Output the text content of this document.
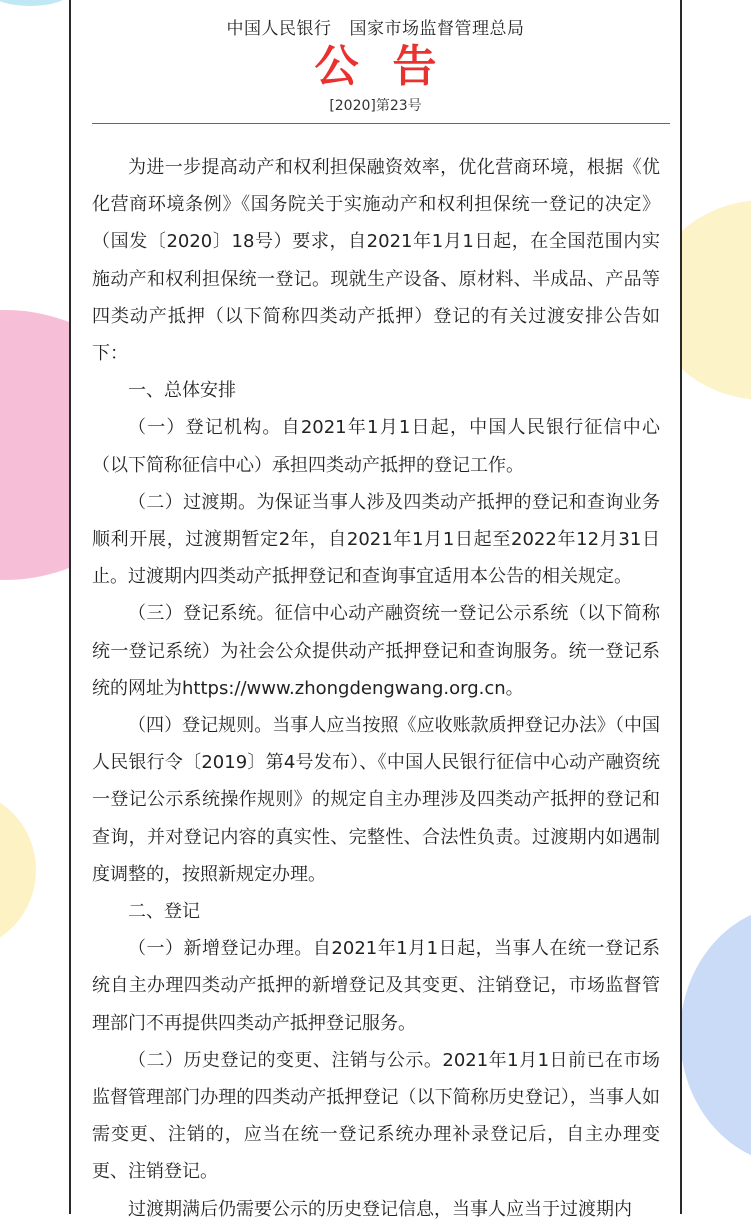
中国人民银行 国家市场监督管理总局
公告
[2020]第23号

为进一步提高动产和权利担保融资效率，优化营商环境，根据《优化营商环境条例》《国务院关于实施动产和权利担保统一登记的决定》（国发〔2020〕18号）要求，自2021年1月1日起，在全国范围内实施动产和权利担保统一登记。现就生产设备、原材料、半成品、产品等四类动产抵押（以下简称四类动产抵押）登记的有关过渡安排公告如下：

一、总体安排

（一）登记机构。自2021年1月1日起，中国人民银行征信中心（以下简称征信中心）承担四类动产抵押的登记工作。

（二）过渡期。为保证当事人涉及四类动产抵押的登记和查询业务顺利开展，过渡期暂定2年，自2021年1月1日起至2022年12月31日止。过渡期内四类动产抵押登记和查询事宜适用本公告的相关规定。

（三）登记系统。征信中心动产融资统一登记公示系统（以下简称统一登记系统）为社会公众提供动产抵押登记和查询服务。统一登记系统的网址为https://www.zhongdengwang.org.cn。

（四）登记规则。当事人应当按照《应收账款质押登记办法》（中国人民银行令〔2019〕第4号发布）、《中国人民银行征信中心动产融资统一登记公示系统操作规则》的规定自主办理涉及四类动产抵押的登记和查询，并对登记内容的真实性、完整性、合法性负责。过渡期内如遇制度调整的，按照新规定办理。

二、登记

（一）新增登记办理。自2021年1月1日起，当事人在统一登记系统自主办理四类动产抵押的新增登记及其变更、注销登记，市场监督管理部门不再提供四类动产抵押登记服务。

（二）历史登记的变更、注销与公示。2021年1月1日前已在市场监督管理部门办理的四类动产抵押登记（以下简称历史登记），当事人如需变更、注销的，应当在统一登记系统办理补录登记后，自主办理变更、注销登记。

过渡期满后仍需要公示的历史登记信息，当事人应当于过渡期内
